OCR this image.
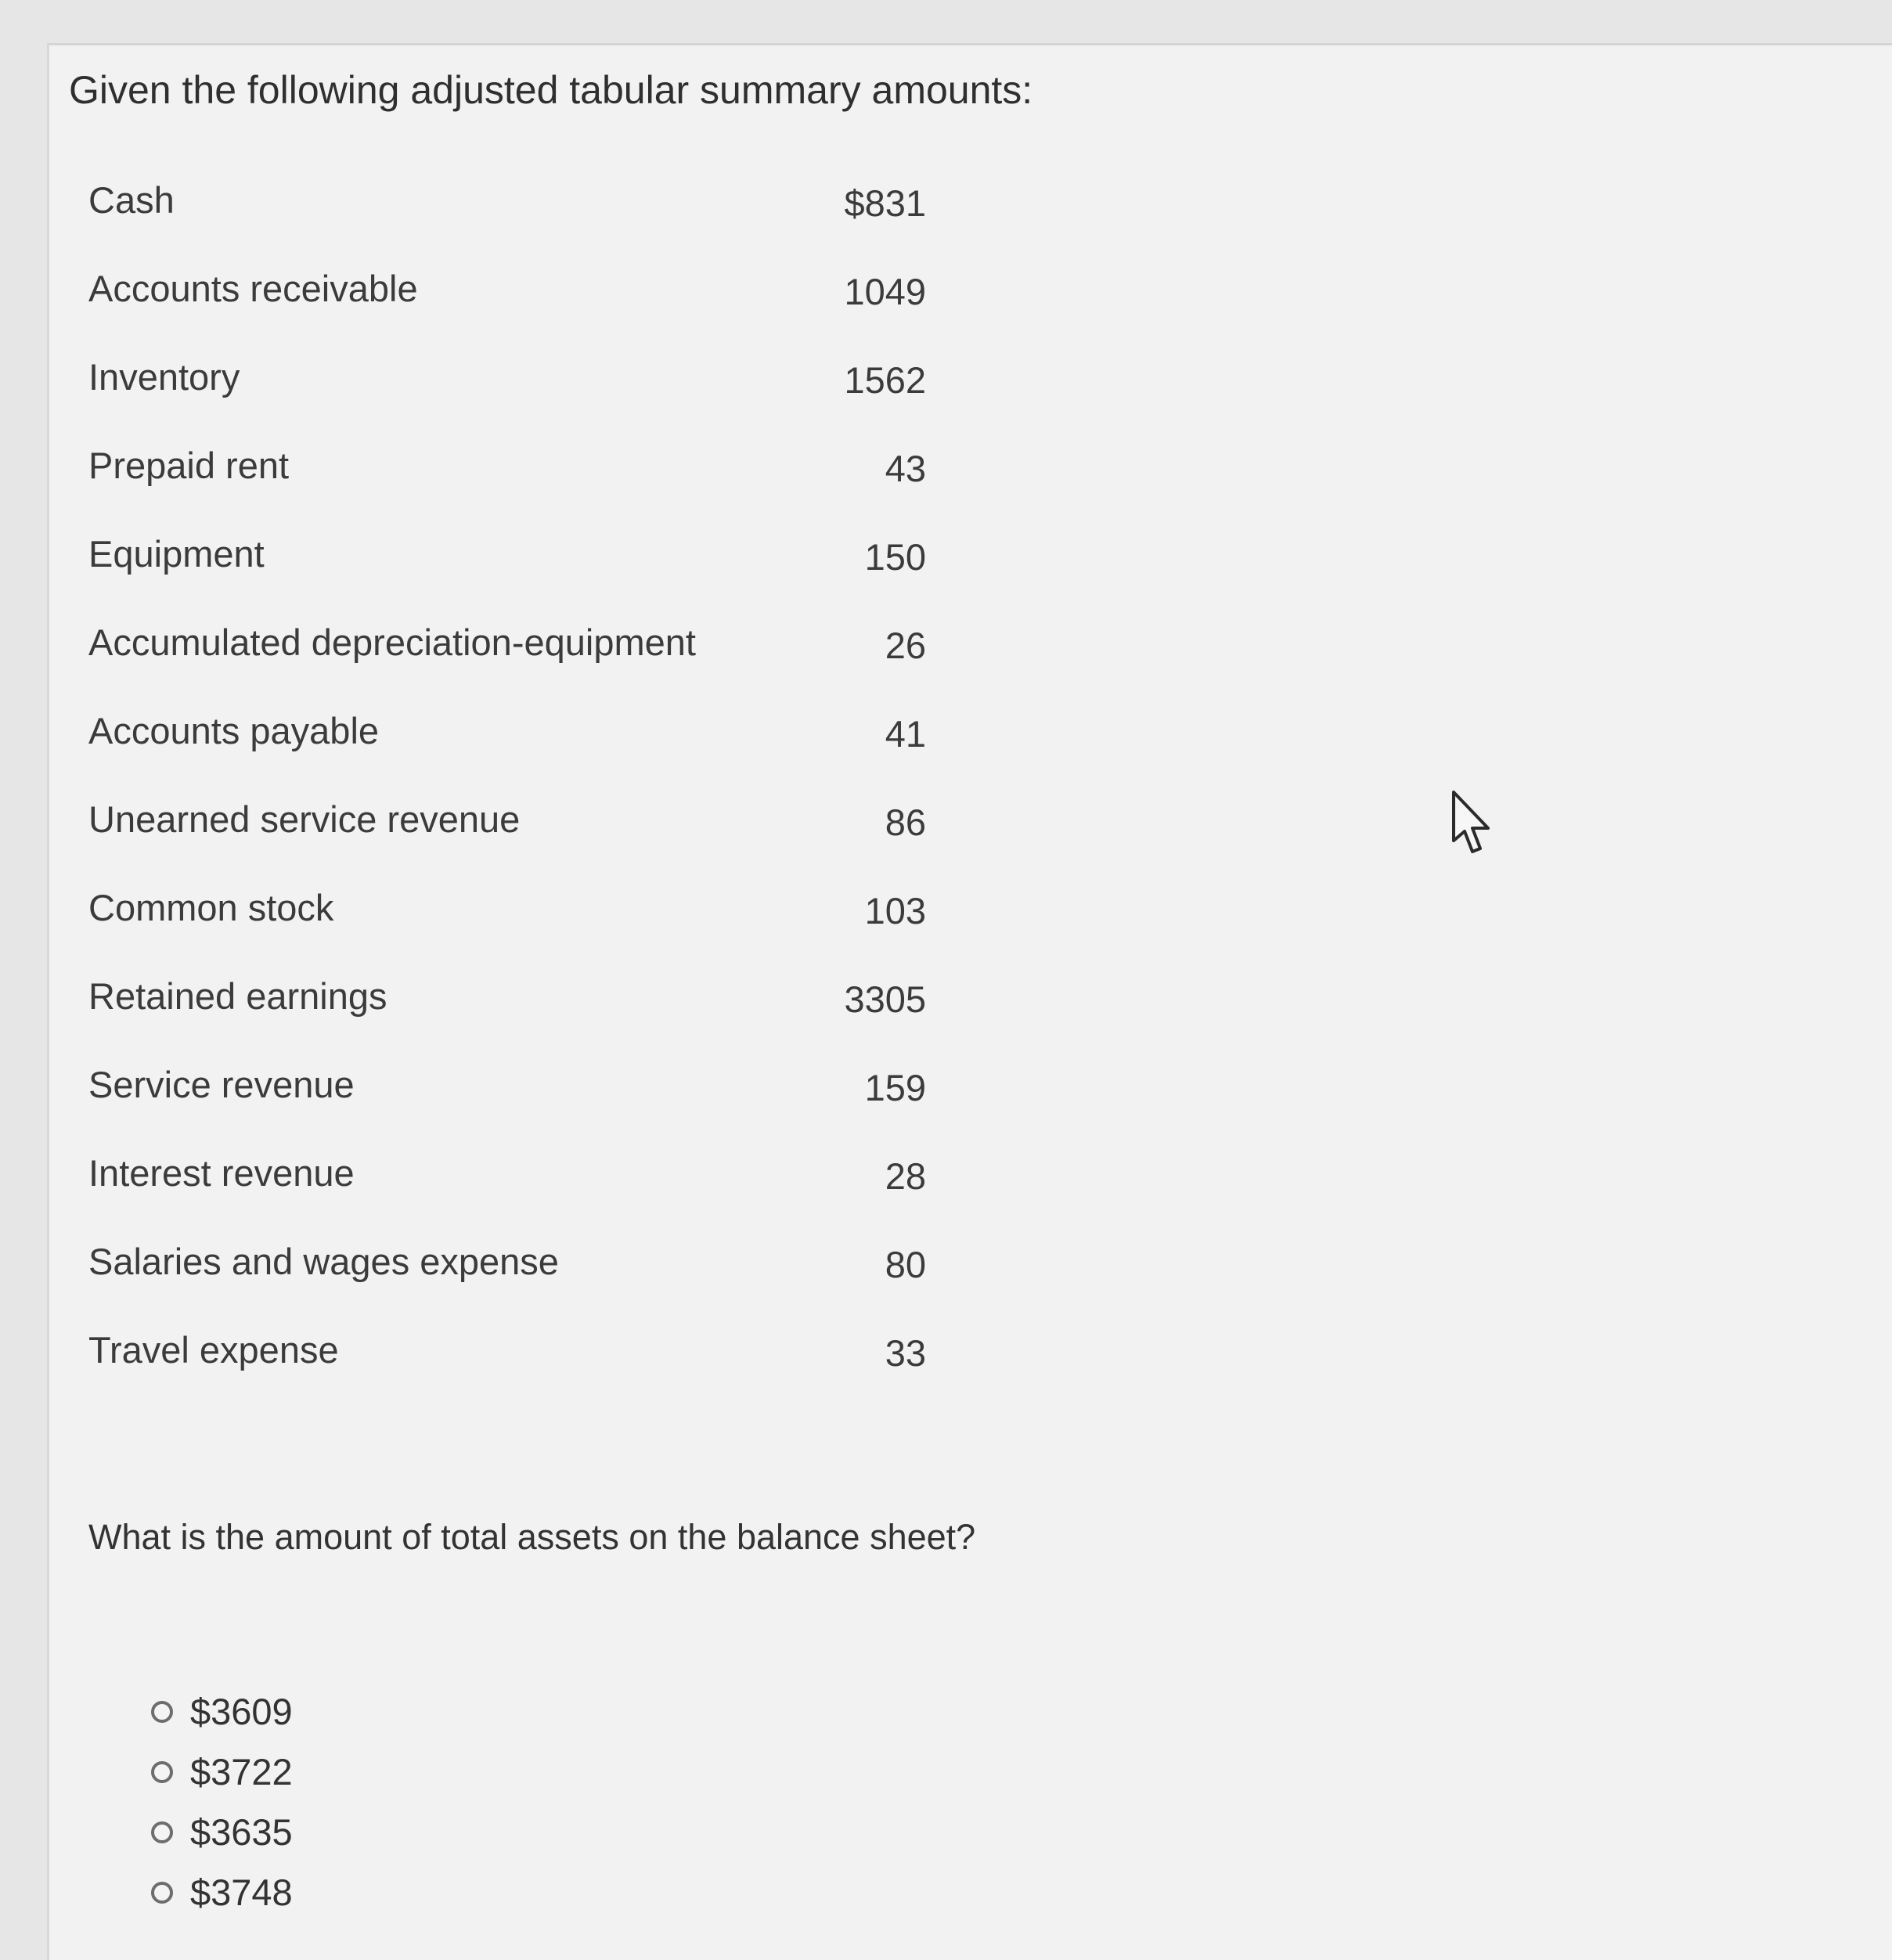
Given the following adjusted tabular summary amounts:
Cash	$831
Accounts receivable	1049
Inventory	1562
Prepaid rent	43
Equipment	150
Accumulated depreciation-equipment	26
Accounts payable	41
Unearned service revenue	86
Common stock	103
Retained earnings	3305
Service revenue	159
Interest revenue	28
Salaries and wages expense	80
Travel expense	33
What is the amount of total assets on the balance sheet?
$3609
$3722
$3635
$3748
